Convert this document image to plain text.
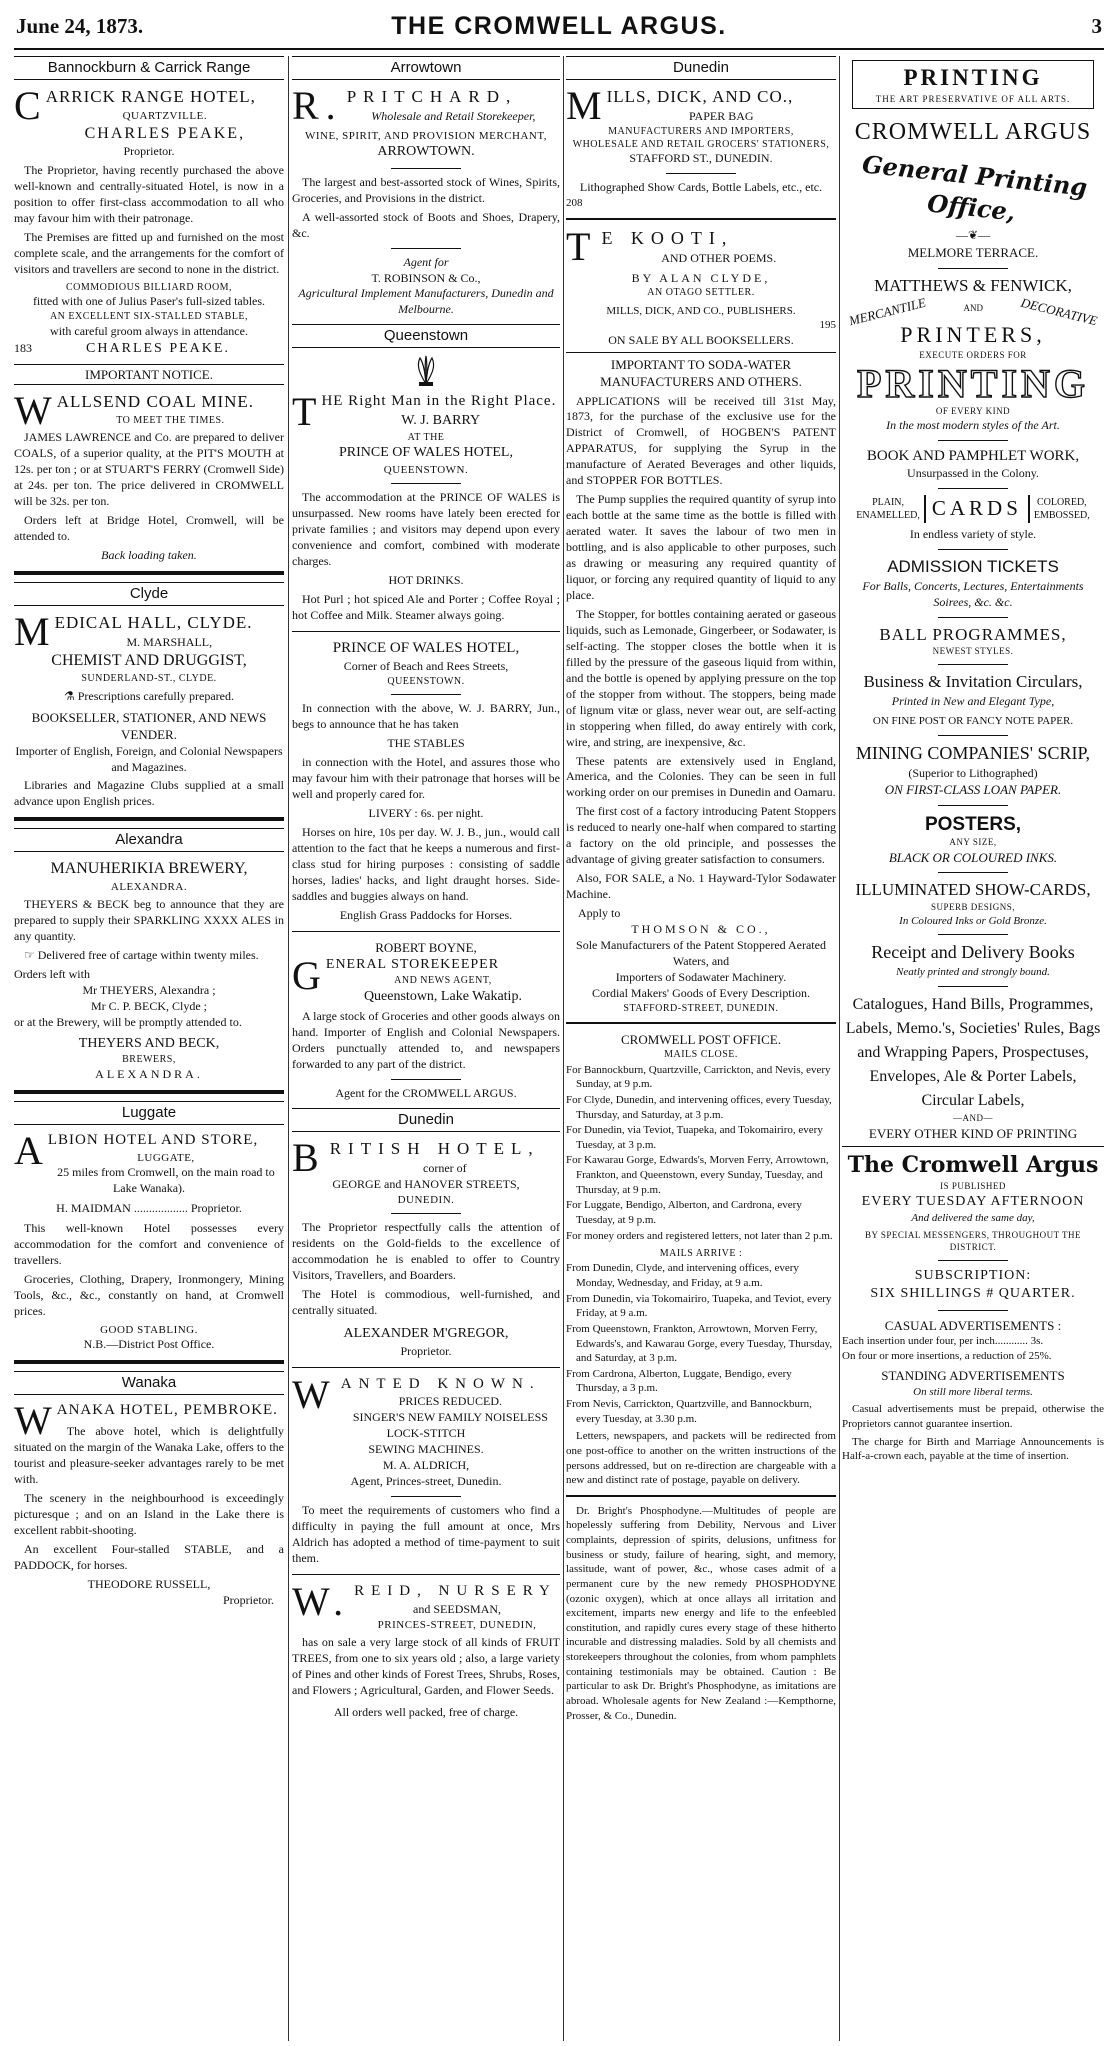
June 24, 1873.	THE CROMWELL ARGUS.	3
Bannockburn & Carrick Range
CARRICK RANGE HOTEL,
QUARTZVILLE.
CHARLES PEAKE,
Proprietor.

The Proprietor, having recently purchased the above well-known and centrally-situated Hotel, is now in a position to offer first-class accommodation to all who may favour him with their patronage.

The Premises are fitted up and furnished on the most complete scale, and the arrangements for the comfort of visitors and travellers are second to none in the district.

COMMODIOUS BILLIARD ROOM,
fitted with one of Julius Paser's full-sized tables.
AN EXCELLENT SIX-STALLED STABLE,
with careful groom always in attendance.
183	CHARLES PEAKE.
IMPORTANT NOTICE.
WALLSEND COAL MINE.
TO MEET THE TIMES.

JAMES LAWRENCE and Co. are prepared to deliver COALS, of a superior quality, at the PIT'S MOUTH at 12s. per ton ; or at STUART'S FERRY (Cromwell Side) at 24s. per ton. The price delivered in CROMWELL will be 32s. per ton.

Orders left at Bridge Hotel, Cromwell, will be attended to.

Back loading taken.
Clyde
MEDICAL HALL, CLYDE.
M. MARSHALL,
CHEMIST AND DRUGGIST,
SUNDERLAND-ST., CLYDE.
⚗ Prescriptions carefully prepared.
BOOKSELLER, STATIONER, AND NEWS VENDER.
Importer of English, Foreign, and Colonial Newspapers and Magazines.

Libraries and Magazine Clubs supplied at a small advance upon English prices.

Alexandra
MANUHERIKIA BREWERY,
ALEXANDRA.

THEYERS & BECK beg to announce that they are prepared to supply their SPARKLING XXXX ALES in any quantity.

☞ Delivered free of cartage within twenty miles.

Orders left with
Mr THEYERS, Alexandra ;
Mr C. P. BECK, Clyde ;
or at the Brewery, will be promptly attended to.
THEYERS AND BECK,
BREWERS,
ALEXANDRA.
Luggate
ALBION HOTEL AND STORE,
LUGGATE,
25 miles from Cromwell, on the main road to Lake Wanaka).
H. MAIDMAN .................. Proprietor.

This well-known Hotel possesses every accommodation for the comfort and convenience of travellers.

Groceries, Clothing, Drapery, Ironmongery, Mining Tools, &c., &c., constantly on hand, at Cromwell prices.

GOOD STABLING.
N.B.—District Post Office.
Wanaka
WANAKA HOTEL, PEMBROKE.

The above hotel, which is delightfully situated on the margin of the Wanaka Lake, offers to the tourist and pleasure-seeker advantages rarely to be met with.

The scenery in the neighbourhood is exceedingly picturesque ; and on an Island in the Lake there is excellent rabbit-shooting.

An excellent Four-stalled STABLE, and a PADDOCK, for horses.

THEODORE RUSSELL,
Proprietor.
Arrowtown
R.PRITCHARD,
Wholesale and Retail Storekeeper,
WINE, SPIRIT, AND PROVISION MERCHANT,
ARROWTOWN.

The largest and best-assorted stock of Wines, Spirits, Groceries, and Provisions in the district.

A well-assorted stock of Boots and Shoes, Drapery, &c.

Agent for
T. ROBINSON & Co.,
Agricultural Implement Manufacturers, Dunedin and Melbourne.
Queenstown
THE Right Man in the Right Place.
W. J. BARRY
AT THE
PRINCE OF WALES HOTEL,
QUEENSTOWN.

The accommodation at the PRINCE OF WALES is unsurpassed. New rooms have lately been erected for private families ; and visitors may depend upon every convenience and comfort, combined with moderate charges.

HOT DRINKS.

Hot Purl ; hot spiced Ale and Porter ; Coffee Royal ; hot Coffee and Milk. Steamer always going.

PRINCE OF WALES HOTEL,
Corner of Beach and Rees Streets,
QUEENSTOWN.

In connection with the above, W. J. BARRY, Jun., begs to announce that he has taken

THE STABLES

in connection with the Hotel, and assures those who may favour him with their patronage that horses will be well and properly cared for.

LIVERY : 6s. per night.

Horses on hire, 10s per day. W. J. B., jun., would call attention to the fact that he keeps a numerous and first-class stud for hiring purposes : consisting of saddle horses, ladies' hacks, and light draught horses. Side-saddles and buggies always on hand.

English Grass Paddocks for Horses.
ROBERT BOYNE,
GENERAL STOREKEEPER
AND NEWS AGENT,
Queenstown, Lake Wakatip.

A large stock of Groceries and other goods always on hand. Importer of English and Colonial Newspapers. Orders punctually attended to, and newspapers forwarded to any part of the district.

Agent for the CROMWELL ARGUS.
Dunedin
BRITISH HOTEL,
corner of
GEORGE and HANOVER STREETS,
DUNEDIN.

The Proprietor respectfully calls the attention of residents on the Gold-fields to the excellence of accommodation he is enabled to offer to Country Visitors, Travellers, and Boarders.

The Hotel is commodious, well-furnished, and centrally situated.

ALEXANDER M'GREGOR,
Proprietor.
WANTED KNOWN.
PRICES REDUCED.
SINGER'S NEW FAMILY NOISELESS
LOCK-STITCH
SEWING MACHINES.
M. A. ALDRICH,
Agent, Princes-street, Dunedin.

To meet the requirements of customers who find a difficulty in paying the full amount at once, Mrs Aldrich has adopted a method of time-payment to suit them.

W.REID, NURSERY
and SEEDSMAN,
PRINCES-STREET, DUNEDIN,

has on sale a very large stock of all kinds of FRUIT TREES, from one to six years old ; also, a large variety of Pines and other kinds of Forest Trees, Shrubs, Roses, and Flowers ; Agricultural, Garden, and Flower Seeds.

All orders well packed, free of charge.
Dunedin
MILLS, DICK, AND CO.,
PAPER BAG
MANUFACTURERS AND IMPORTERS,
WHOLESALE AND RETAIL GROCERS' STATIONERS,
STAFFORD ST., DUNEDIN.
Lithographed Show Cards, Bottle Labels, etc., etc.
208
TE KOOTI,
AND OTHER POEMS.
BY ALAN CLYDE,
AN OTAGO SETTLER.
MILLS, DICK, AND CO., PUBLISHERS.
195
ON SALE BY ALL BOOKSELLERS.
IMPORTANT TO SODA-WATER MANUFACTURERS AND OTHERS.

APPLICATIONS will be received till 31st May, 1873, for the purchase of the exclusive use for the District of Cromwell, of HOGBEN'S PATENT APPARATUS, for supplying the Syrup in the manufacture of Aerated Beverages and other liquids, and STOPPER FOR BOTTLES.

The Pump supplies the required quantity of syrup into each bottle at the same time as the bottle is filled with aerated water. It saves the labour of two men in bottling, and is also applicable to other purposes, such as drawing or measuring any required quantity of liquor, or forcing any required quantity of liquid to any place.

The Stopper, for bottles containing aerated or gaseous liquids, such as Lemonade, Gingerbeer, or Sodawater, is self-acting. The stopper closes the bottle when it is filled by the pressure of the gaseous liquid from within, and the bottle is opened by applying pressure on the top of the stopper from without. The stoppers, being made of lignum vitæ or glass, never wear out, are self-acting in stoppering when filled, do away entirely with cork, wire, and string, are inexpensive, &c.

These patents are extensively used in England, America, and the Colonies. They can be seen in full working order on our premises in Dunedin and Oamaru.

The first cost of a factory introducing Patent Stoppers is reduced to nearly one-half when compared to starting a factory on the old principle, and possesses the advantage of giving greater satisfaction to consumers.

Also, FOR SALE, a No. 1 Hayward-Tylor Sodawater Machine.

Apply to
THOMSON & CO.,
Sole Manufacturers of the Patent Stoppered Aerated Waters, and
Importers of Sodawater Machinery.
Cordial Makers' Goods of Every Description.
STAFFORD-STREET, DUNEDIN.
CROMWELL POST OFFICE.
MAILS CLOSE.
For Bannockburn, Quartzville, Carrickton, and Nevis, every Sunday, at 9 p.m.
For Clyde, Dunedin, and intervening offices, every Tuesday, Thursday, and Saturday, at 3 p.m.
For Dunedin, via Teviot, Tuapeka, and Tokomairiro, every Tuesday, at 3 p.m.
For Kawarau Gorge, Edwards's, Morven Ferry, Arrowtown, Frankton, and Queenstown, every Sunday, Tuesday, and Thursday, at 9 p.m.
For Luggate, Bendigo, Alberton, and Cardrona, every Tuesday, at 9 p.m.
For money orders and registered letters, not later than 2 p.m.
MAILS ARRIVE :
From Dunedin, Clyde, and intervening offices, every Monday, Wednesday, and Friday, at 9 a.m.
From Dunedin, via Tokomairiro, Tuapeka, and Teviot, every Friday, at 9 a.m.
From Queenstown, Frankton, Arrowtown, Morven Ferry, Edwards's, and Kawarau Gorge, every Tuesday, Thursday, and Saturday, at 3 p.m.
From Cardrona, Alberton, Luggate, Bendigo, every Thursday, a 3 p.m.
From Nevis, Carrickton, Quartzville, and Bannockburn, every Tuesday, at 3.30 p.m.

Letters, newspapers, and packets will be redirected from one post-office to another on the written instructions of the persons addressed, but on re-direction are chargeable with a new and distinct rate of postage, payable on delivery.

Dr. Bright's Phosphodyne.—Multitudes of people are hopelessly suffering from Debility, Nervous and Liver complaints, depression of spirits, delusions, unfitness for business or study, failure of hearing, sight, and memory, lassitude, want of power, &c., whose cases admit of a permanent cure by the new remedy PHOSPHODYNE (ozonic oxygen), which at once allays all irritation and excitement, imparts new energy and life to the enfeebled constitution, and rapidly cures every stage of these hitherto incurable and distressing maladies. Sold by all chemists and storekeepers throughout the colonies, from whom pamphlets containing testimonials may be obtained. Caution : Be particular to ask Dr. Bright's Phosphodyne, as imitations are abroad. Wholesale agents for New Zealand :—Kempthorne, Prosser, & Co., Dunedin.

PRINTING
THE ART PRESERVATIVE OF ALL ARTS.
CROMWELL ARGUS
General Printing Office,
—❦—
MELMORE TERRACE.
MATTHEWS & FENWICK,
MERCANTILE	AND	DECORATIVE
PRINTERS,
EXECUTE ORDERS FOR
PRINTING
OF EVERY KIND
In the most modern styles of the Art.
BOOK AND PAMPHLET WORK,
Unsurpassed in the Colony.
PLAIN,
ENAMELLED, CARDS	COLORED,
EMBOSSED,
In endless variety of style.
ADMISSION TICKETS
For Balls, Concerts, Lectures, Entertainments Soirees, &c. &c.
BALL PROGRAMMES,
NEWEST STYLES.
Business & Invitation Circulars,
Printed in New and Elegant Type,
ON FINE POST OR FANCY NOTE PAPER.
MINING COMPANIES' SCRIP,
(Superior to Lithographed)
ON FIRST-CLASS LOAN PAPER.
POSTERS,
ANY SIZE,
BLACK OR COLOURED INKS.
ILLUMINATED SHOW-CARDS,
SUPERB DESIGNS,
In Coloured Inks or Gold Bronze.
Receipt and Delivery Books
Neatly printed and strongly bound.
Catalogues, Hand Bills, Programmes, Labels, Memo.'s, Societies' Rules, Bags and Wrapping Papers, Prospectuses, Envelopes, Ale & Porter Labels, Circular Labels,
—AND—
EVERY OTHER KIND OF PRINTING
The Cromwell Argus
IS PUBLISHED
EVERY TUESDAY AFTERNOON
And delivered the same day,
BY SPECIAL MESSENGERS, THROUGHOUT THE DISTRICT.
SUBSCRIPTION:
SIX SHILLINGS # QUARTER.
CASUAL ADVERTISEMENTS :
Each insertion under four, per inch............ 3s.
On four or more insertions, a reduction of 25%.
STANDING ADVERTISEMENTS
On still more liberal terms.

Casual advertisements must be prepaid, otherwise the Proprietors cannot guarantee insertion.

The charge for Birth and Marriage Announcements is Half-a-crown each, payable at the time of insertion.
